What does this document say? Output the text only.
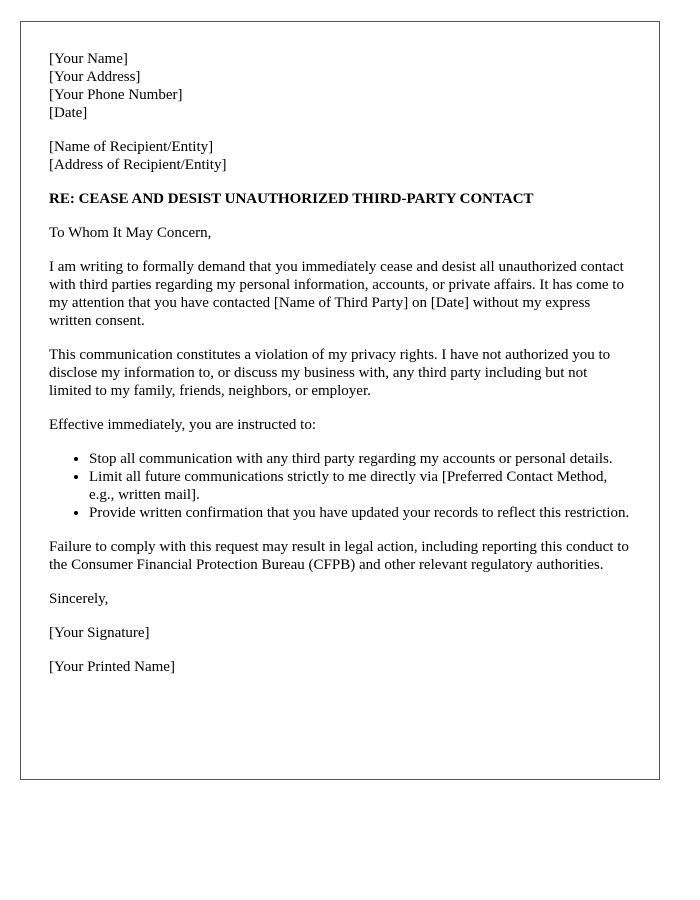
[Your Name]
[Your Address]
[Your Phone Number]
[Date]
[Name of Recipient/Entity]
[Address of Recipient/Entity]
RE: CEASE AND DESIST UNAUTHORIZED THIRD-PARTY CONTACT

To Whom It May Concern,

I am writing to formally demand that you immediately cease and desist all unauthorized contact with third parties regarding my personal information, accounts, or private affairs. It has come to my attention that you have contacted [Name of Third Party] on [Date] without my express written consent.

This communication constitutes a violation of my privacy rights. I have not authorized you to disclose my information to, or discuss my business with, any third party including but not limited to my family, friends, neighbors, or employer.

Effective immediately, you are instructed to:

• Stop all communication with any third party regarding my accounts or personal details.
• Limit all future communications strictly to me directly via [Preferred Contact Method, e.g., written mail].
• Provide written confirmation that you have updated your records to reflect this restriction.

Failure to comply with this request may result in legal action, including reporting this conduct to the Consumer Financial Protection Bureau (CFPB) and other relevant regulatory authorities.

Sincerely,

[Your Signature]

[Your Printed Name]
